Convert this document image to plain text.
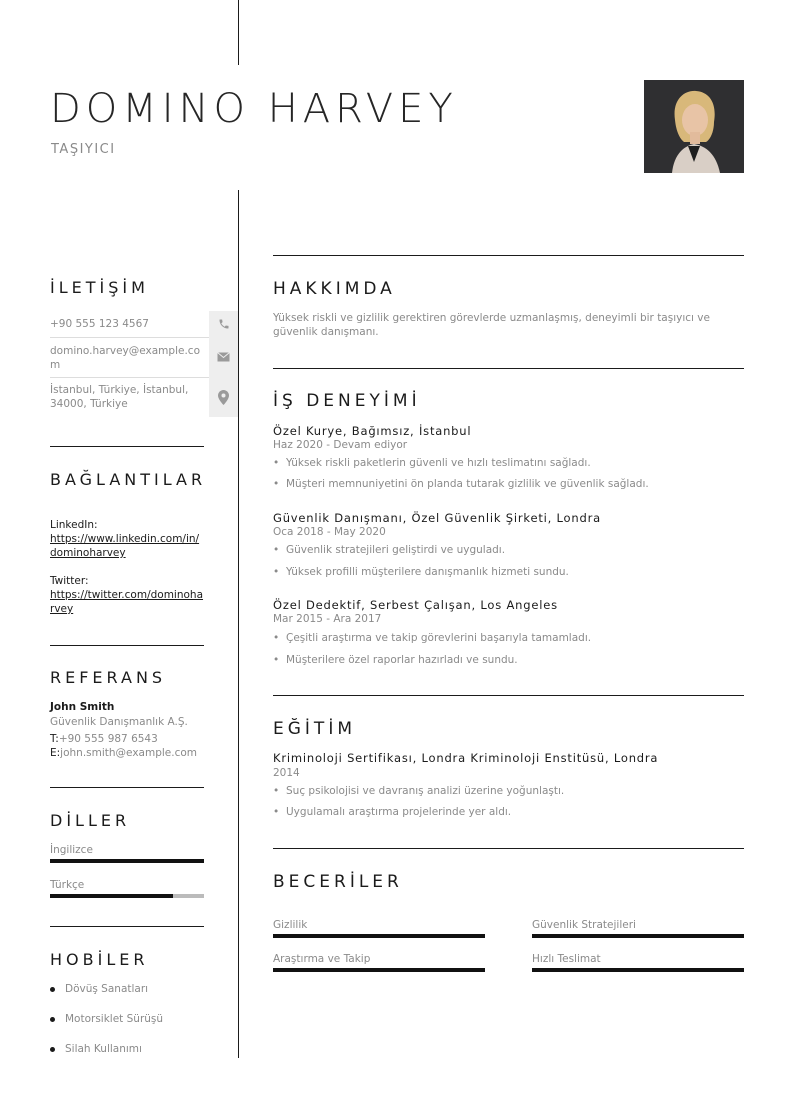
DOMINO HARVEY
TAŞIYICI
İLETİŞİM
+90 555 123 4567
domino.harvey@example.com
İstanbul, Türkiye, İstanbul, 34000, Türkiye
BAĞLANTILAR
LinkedIn:
https://www.linkedin.com/in/dominoharvey
Twitter:
https://twitter.com/dominoharvey
REFERANS
John Smith
Güvenlik Danışmanlık A.Ş.
T:+90 555 987 6543
E:john.smith@example.com
DİLLER
İngilizce
Türkçe
HOBİLER
Dövüş Sanatları
Motorsiklet Sürüşü
Silah Kullanımı
HAKKIMDA
Yüksek riskli ve gizlilik gerektiren görevlerde uzmanlaşmış, deneyimli bir taşıyıcı ve güvenlik danışmanı.
İŞ DENEYİMİ
Özel Kurye, Bağımsız, İstanbul
Haz 2020 - Devam ediyor
• Yüksek riskli paketlerin güvenli ve hızlı teslimatını sağladı.
• Müşteri memnuniyetini ön planda tutarak gizlilik ve güvenlik sağladı.
Güvenlik Danışmanı, Özel Güvenlik Şirketi, Londra
Oca 2018 - May 2020
• Güvenlik stratejileri geliştirdi ve uyguladı.
• Yüksek profilli müşterilere danışmanlık hizmeti sundu.
Özel Dedektif, Serbest Çalışan, Los Angeles
Mar 2015 - Ara 2017
• Çeşitli araştırma ve takip görevlerini başarıyla tamamladı.
• Müşterilere özel raporlar hazırladı ve sundu.
EĞİTİM
Kriminoloji Sertifikası, Londra Kriminoloji Enstitüsü, Londra
2014
• Suç psikolojisi ve davranış analizi üzerine yoğunlaştı.
• Uygulamalı araştırma projelerinde yer aldı.
BECERİLER
Gizlilik	Güvenlik Stratejileri
Araştırma ve Takip	Hızlı Teslimat
